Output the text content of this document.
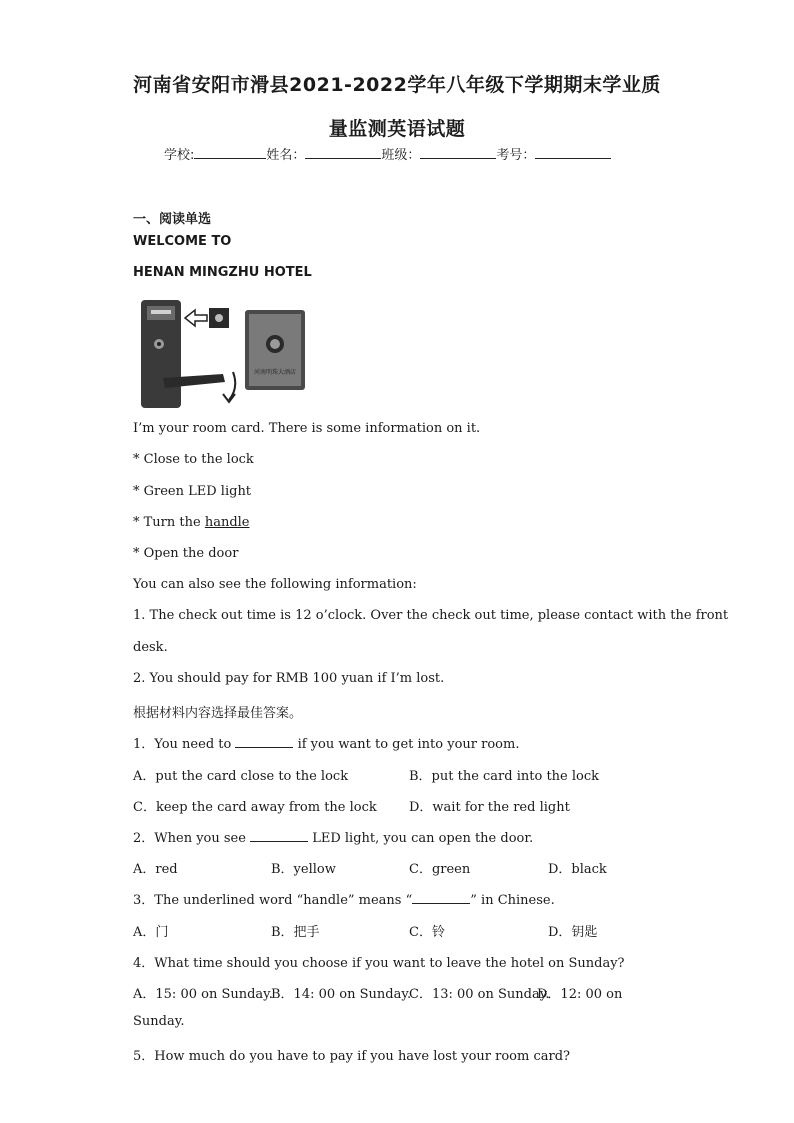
河南省安阳市滑县2021-2022学年八年级下学期期末学业质
量监测英语试题
学校:	姓名：	班级：	考号：
一、阅读单选
WELCOME TO
HENAN MINGZHU HOTEL
河南明珠大酒店
I’m your room card. There is some information on it.
* Close to the lock
* Green LED light
* Turn the handle
* Open the door
You can also see the following information:
1. The check out time is 12 o’clock. Over the check out time, please contact with the front
desk.
2. You should pay for RMB 100 yuan if I’m lost.
根据材料内容选择最佳答案。
1．You need to	if you want to get into your room.
A．put the card close to the lock	B．put the card into the lock
C．keep the card away from the lock D．wait for the red light
2．When you see	LED light, you can open the door.
A．red	B．yellow	C．green	D．black
3．The underlined word “handle” means “	” in Chinese.
A．门	B．把手	C．铃	D．钥匙
4．What time should you choose if you want to leave the hotel on Sunday?
A．15: 00 on Sunday.
B．14: 00 on Sunday.
C．13: 00 on Sunday.
D．12: 00 on
Sunday.
5．How much do you have to pay if you have lost your room card?
